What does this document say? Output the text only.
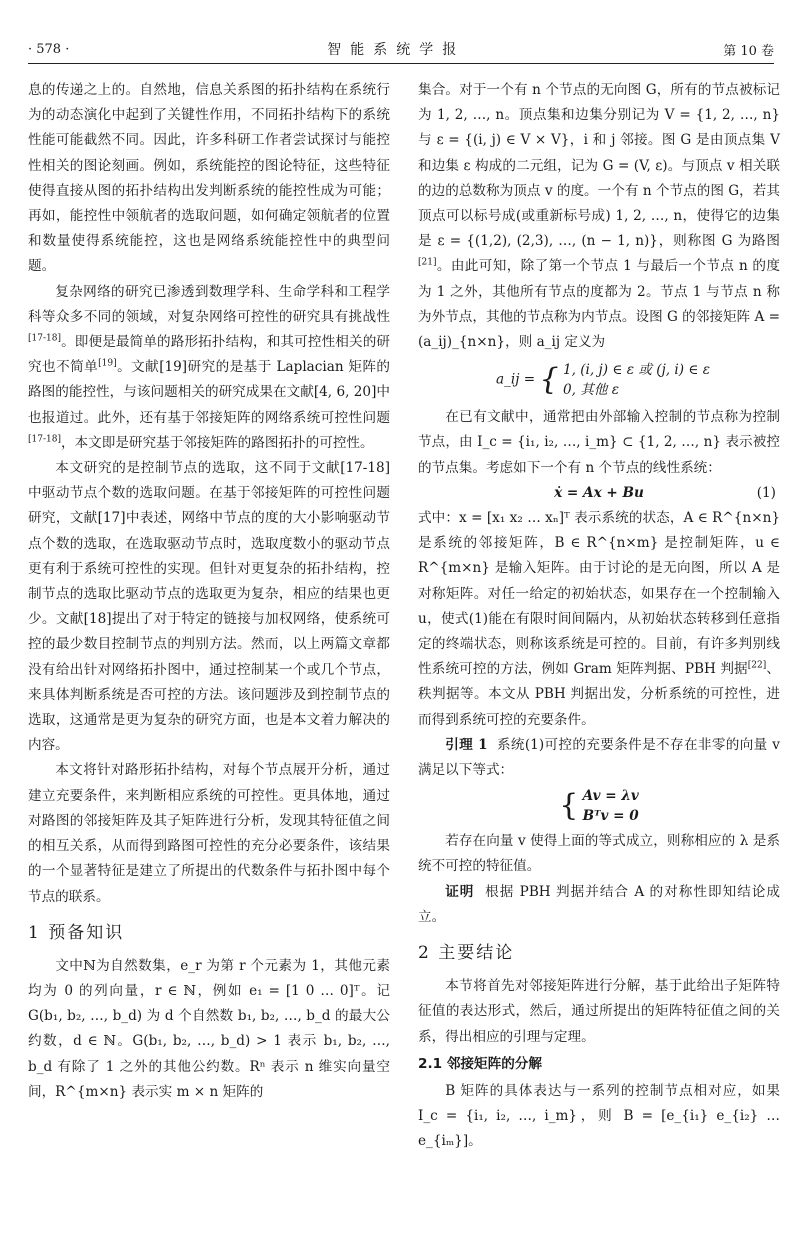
· 578 ·	智能系统学报	第 10 卷

息的传递之上的。自然地，信息关系图的拓扑结构在系统行为的动态演化中起到了关键性作用，不同拓扑结构下的系统性能可能截然不同。因此，许多科研工作者尝试探讨与能控性相关的图论刻画。例如，系统能控的图论特征，这些特征使得直接从图的拓扑结构出发判断系统的能控性成为可能；再如，能控性中领航者的选取问题，如何确定领航者的位置和数量使得系统能控，这也是网络系统能控性中的典型问题。

复杂网络的研究已渗透到数理学科、生命学科和工程学科等众多不同的领域，对复杂网络可控性的研究具有挑战性[17-18]。即便是最简单的路形拓扑结构，和其可控性相关的研究也不简单[19]。文献[19]研究的是基于 Laplacian 矩阵的路图的能控性，与该问题相关的研究成果在文献[4, 6, 20]中也报道过。此外，还有基于邻接矩阵的网络系统可控性问题[17-18]，本文即是研究基于邻接矩阵的路图拓扑的可控性。

本文研究的是控制节点的选取，这不同于文献[17-18]中驱动节点个数的选取问题。在基于邻接矩阵的可控性问题研究，文献[17]中表述，网络中节点的度的大小影响驱动节点个数的选取，在选取驱动节点时，选取度数小的驱动节点更有利于系统可控性的实现。但针对更复杂的拓扑结构，控制节点的选取比驱动节点的选取更为复杂，相应的结果也更少。文献[18]提出了对于特定的链接与加权网络，使系统可控的最少数目控制节点的判别方法。然而，以上两篇文章都没有给出针对网络拓扑图中，通过控制某一个或几个节点，来具体判断系统是否可控的方法。该问题涉及到控制节点的选取，这通常是更为复杂的研究方面，也是本文着力解决的内容。

本文将针对路形拓扑结构，对每个节点展开分析，通过建立充要条件，来判断相应系统的可控性。更具体地，通过对路图的邻接矩阵及其子矩阵进行分析，发现其特征值之间的相互关系，从而得到路图可控性的充分必要条件，该结果的一个显著特征是建立了所提出的代数条件与拓扑图中每个节点的联系。

1 预备知识

文中ℕ为自然数集，e_r 为第 r 个元素为 1，其他元素均为 0 的列向量，r ∈ ℕ，例如 e₁ = [1 0 … 0]ᵀ。记 G(b₁, b₂, …, b_d) 为 d 个自然数 b₁, b₂, …, b_d 的最大公约数，d ∈ ℕ。G(b₁, b₂, …, b_d) > 1 表示 b₁, b₂, …, b_d 有除了 1 之外的其他公约数。Rⁿ 表示 n 维实向量空间，R^{m×n} 表示实 m × n 矩阵的

集合。对于一个有 n 个节点的无向图 G，所有的节点被标记为 1, 2, …, n。顶点集和边集分别记为 V = {1, 2, …, n} 与 ε = {(i, j) ∈ V × V}，i 和 j 邻接。图 G 是由顶点集 V 和边集 ε 构成的二元组，记为 G = (V, ε)。与顶点 v 相关联的边的总数称为顶点 v 的度。一个有 n 个节点的图 G，若其顶点可以标号成(或重新标号成) 1, 2, …, n，使得它的边集是 ε = {(1,2), (2,3), …, (n − 1, n)}，则称图 G 为路图[21]。由此可知，除了第一个节点 1 与最后一个节点 n 的度为 1 之外，其他所有节点的度都为 2。节点 1 与节点 n 称为外节点，其他的节点称为内节点。设图 G 的邻接矩阵 A = (a_ij)_{n×n}，则 a_ij 定义为

a_ij = { 1, (i, j) ∈ ε 或 (j, i) ∈ ε
0, 其他 ε

在已有文献中，通常把由外部输入控制的节点称为控制节点，由 I_c = {i₁, i₂, …, i_m} ⊂ {1, 2, …, n} 表示被控的节点集。考虑如下一个有 n 个节点的线性系统：

ẋ = Ax + Bu	(1)

式中：x = [x₁ x₂ … xₙ]ᵀ 表示系统的状态，A ∈ R^{n×n} 是系统的邻接矩阵，B ∈ R^{n×m} 是控制矩阵，u ∈ R^{m×n} 是输入矩阵。由于讨论的是无向图，所以 A 是对称矩阵。对任一给定的初始状态，如果存在一个控制输入 u，使式(1)能在有限时间间隔内，从初始状态转移到任意指定的终端状态，则称该系统是可控的。目前，有许多判别线性系统可控的方法，例如 Gram 矩阵判据、PBH 判据[22]、秩判据等。本文从 PBH 判据出发，分析系统的可控性，进而得到系统可控的充要条件。

引理 1 系统(1)可控的充要条件是不存在非零的向量 v 满足以下等式：

{ Av = λv
Bᵀv = 0

若存在向量 v 使得上面的等式成立，则称相应的 λ 是系统不可控的特征值。

证明 根据 PBH 判据并结合 A 的对称性即知结论成立。

2 主要结论

本节将首先对邻接矩阵进行分解，基于此给出子矩阵特征值的表达形式，然后，通过所提出的矩阵特征值之间的关系，得出相应的引理与定理。

2.1 邻接矩阵的分解

B 矩阵的具体表达与一系列的控制节点相对应，如果 I_c = {i₁, i₂, …, i_m}，则 B = [e_{i₁} e_{i₂} … e_{iₘ}]。
